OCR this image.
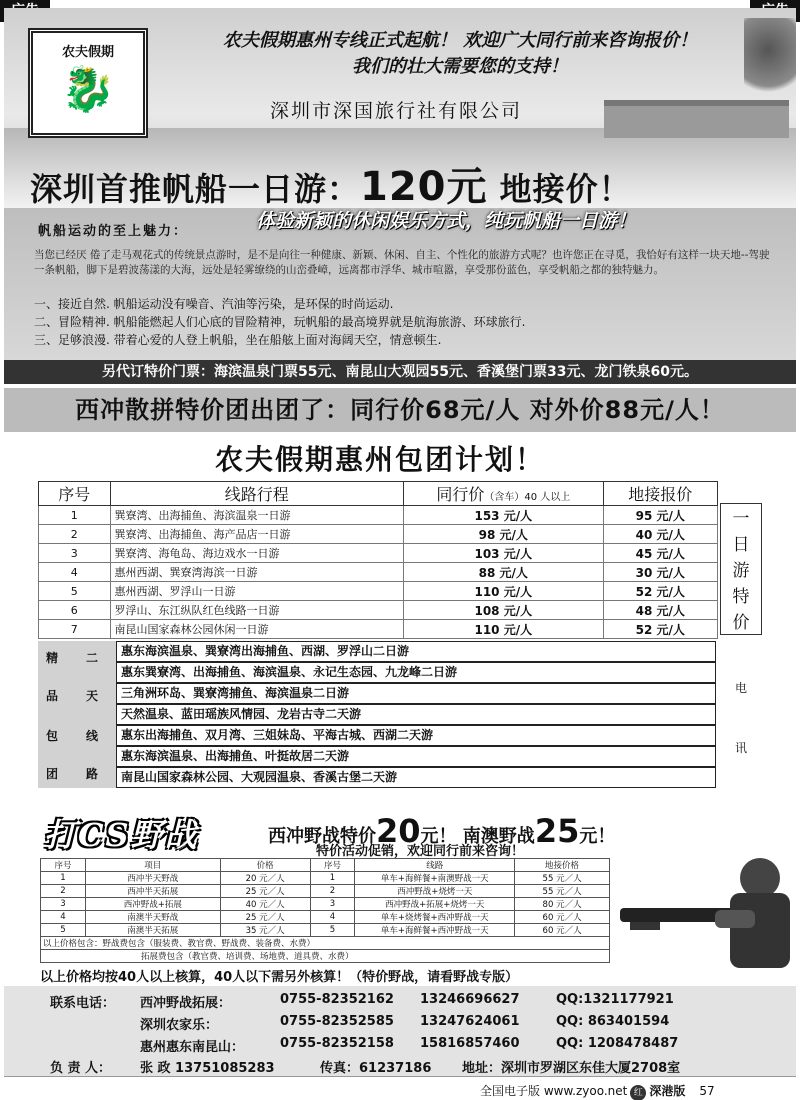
农夫假期
🐉
农夫假期惠州专线正式起航！ 欢迎广大同行前来咨询报价！
我们的壮大需要您的支持！
深圳市深国旅行社有限公司
深圳首推帆船一日游：120元 地接价！
帆船运动的至上魅力：	体验新颖的休闲娱乐方式，纯玩帆船一日游！
当您已经厌 倦了走马观花式的传统景点游时，是不是向往一种健康、新颖、休闲、自主、个性化的旅游方式呢？也许您正在寻觅，我恰好有这样一块天地--驾驶一条帆船，脚下是碧波荡漾的大海，远处是轻雾缭绕的山峦叠嶂，远离都市浮华、城市喧嚣，享受那份蓝色，享受帆船之都的独特魅力。
一、接近自然. 帆船运动没有噪音、汽油等污染，是环保的时尚运动.
二、冒险精神. 帆船能燃起人们心底的冒险精神，玩帆船的最高境界就是航海旅游、环球旅行.
三、足够浪漫. 带着心爱的人登上帆船，坐在船舷上面对海阔天空，情意顿生.
另代订特价门票：海滨温泉门票55元、南昆山大观园55元、香溪堡门票33元、龙门铁泉60元。
西冲散拼特价团出团了：同行价68元/人 对外价88元/人！
农夫假期惠州包团计划！
序号	线路行程	同行价（含车）40 人以上	地接报价
1	巽寮湾、出海捕鱼、海滨温泉一日游	153 元/人	95 元/人
2	巽寮湾、出海捕鱼、海产品店一日游	98 元/人	40 元/人
3	巽寮湾、海龟岛、海边戏水一日游	103 元/人	45 元/人
4	惠州西湖、巽寮湾海滨一日游	88 元/人	30 元/人
5	惠州西湖、罗浮山一日游	110 元/人	52 元/人
6	罗浮山、东江纵队红色线路一日游	108 元/人	48 元/人
7	南昆山国家森林公园休闲一日游	110 元/人	52 元/人
一
日
游
特
价
精 二
品 天
包 线
团 路
惠东海滨温泉、巽寮湾出海捕鱼、西湖、罗浮山二日游
惠东巽寮湾、出海捕鱼、海滨温泉、永记生态园、九龙峰二日游
三角洲环岛、巽寮湾捕鱼、海滨温泉二日游
天然温泉、蓝田瑶族风情园、龙岩古寺二天游
惠东出海捕鱼、双月湾、三姐妹岛、平海古城、西湖二天游
惠东海滨温泉、出海捕鱼、叶挺故居二天游
南昆山国家森林公园、大观园温泉、香溪古堡二天游
电
讯
打CS野战	西冲野战特价20元！ 南澳野战25元！
特价活动促销，欢迎同行前来咨询！
序号	项目	价格	序号	线路	地接价格
1	西冲半天野战	20 元／人	1	单车+海鲜餐+南澳野战一天	55 元／人
2	西冲半天拓展	25 元／人	2	西冲野战+烧烤一天	55 元／人
3	西冲野战+拓展	40 元／人	3	西冲野战+拓展+烧烤一天	80 元／人
4	南澳半天野战	25 元／人	4	单车+烧烤餐+西冲野战一天	60 元／人
5	南澳半天拓展	35 元／人	5	单车+海鲜餐+西冲野战一天	60 元／人
以上价格包含：野战费包含（服装费、教官费、野战费、装备费、水费）					
拓展费包含（教官费、培训费、场地费、道具费、水费）					
以上价格均按40人以上核算，40人以下需另外核算！（特价野战，请看野战专版）
联系电话： 西冲野战拓展：	0755-82352162 13246696627	QQ:1321177921
深圳农家乐：	0755-82352585 13247624061	QQ: 863401594
惠州惠东南昆山：	0755-82352158 15816857460	QQ: 1208478487
负 责 人： 张 政 13751085283	传真：61237186 地址：深圳市罗湖区东佳大厦2708室
全国电子版 www.zyoo.net 红 深港版 57
